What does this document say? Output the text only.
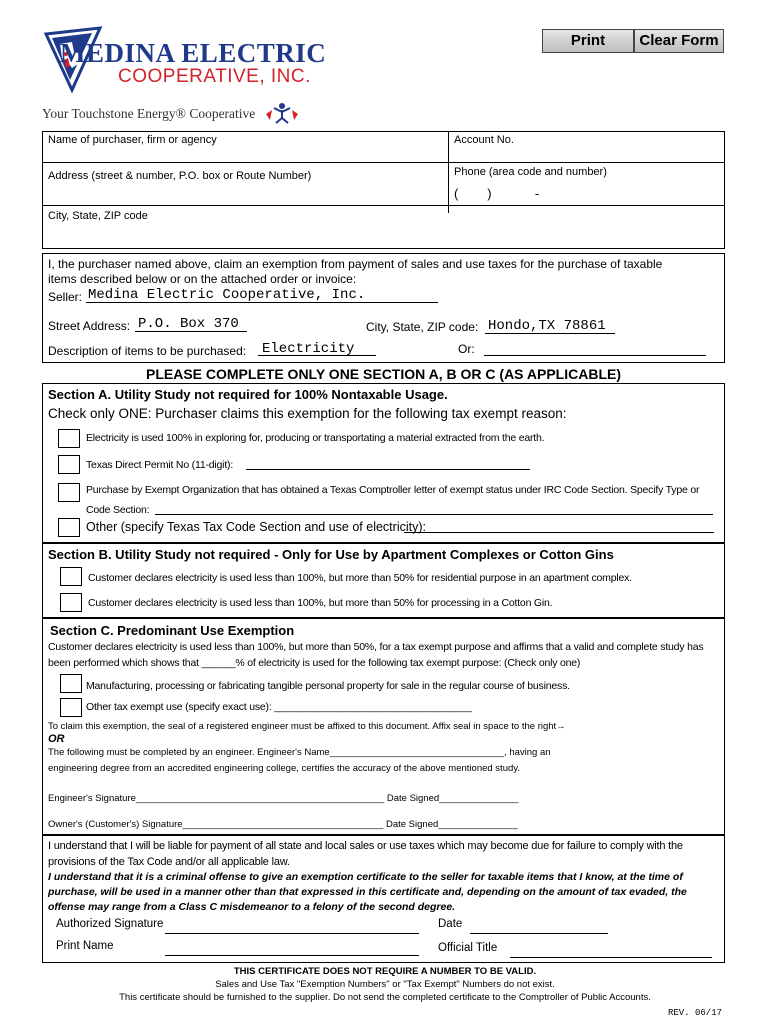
Print	Clear Form
MEDINA ELECTRIC
COOPERATIVE, INC.
Your Touchstone Energy® Cooperative
Name of purchaser, firm or agency	Account No.
Address (street & number, P.O. box or Route Number)	Phone (area code and number)
(        )            -
City, State, ZIP code
I, the purchaser named above, claim an exemption from payment of sales and use taxes for the purchase of taxable
items described below or on the attached order or invoice:
Seller: Medina Electric Cooperative, Inc.
Street Address: P.O. Box 370	City, State, ZIP code: Hondo,TX 78861
Description of items to be purchased: Electricity	Or:
PLEASE COMPLETE ONLY ONE SECTION A, B OR C (AS APPLICABLE)
Section A. Utility Study not required for 100% Nontaxable Usage.
Check only ONE: Purchaser claims this exemption for the following tax exempt reason:
Electricity is used 100% in exploring for, producing or transportating a material extracted from the earth.
Texas Direct Permit No (11-digit):
Purchase by Exempt Organization that has obtained a Texas Comptroller letter of exempt status under IRC Code Section. Specify Type or
Code Section:
Other (specify Texas Tax Code Section and use of electricity):
Section B. Utility Study not required - Only for Use by Apartment Complexes or Cotton Gins
Customer declares electricity is used less than 100%, but more than 50% for residential purpose in an apartment complex.
Customer declares electricity is used less than 100%, but more than 50% for processing in a Cotton Gin.
Section C. Predominant Use Exemption
Customer declares electricity is used less than 100%, but more than 50%, for a tax exempt purpose and affirms that a valid and complete study has
been performed which shows that ______% of electricity is used for the following tax exempt purpose: (Check only one)
Manufacturing, processing or fabricating tangible personal property for sale in the regular course of business.
Other tax exempt use (specify exact use): ___________________________________
To claim this exemption, the seal of a registered engineer must be affixed to this document. Affix seal in space to the right→
OR
The following must be completed by an engineer. Engineer's Name_________________________________, having an
engineering degree from an accredited engineering college, certifies the accuracy of the above mentioned study.
Engineer's Signature_______________________________________________ Date Signed_______________
Owner's (Customer's) Signature______________________________________ Date Signed_______________
I understand that I will be liable for payment of all state and local sales or use taxes which may become due for failure to comply with the
provisions of the Tax Code and/or all applicable law.
I understand that it is a criminal offense to give an exemption certificate to the seller for taxable items that I know, at the time of
purchase, will be used in a manner other than that expressed in this certificate and, depending on the amount of tax evaded, the
offense may range from a Class C misdemeanor to a felony of the second degree.
Authorized Signature	Date
Print Name	Official Title
THIS CERTIFICATE DOES NOT REQUIRE A NUMBER TO BE VALID.
Sales and Use Tax "Exemption Numbers" or "Tax Exempt" Numbers do not exist.
This certificate should be furnished to the supplier. Do not send the completed certificate to the Comptroller of Public Accounts.
REV. 06/17
